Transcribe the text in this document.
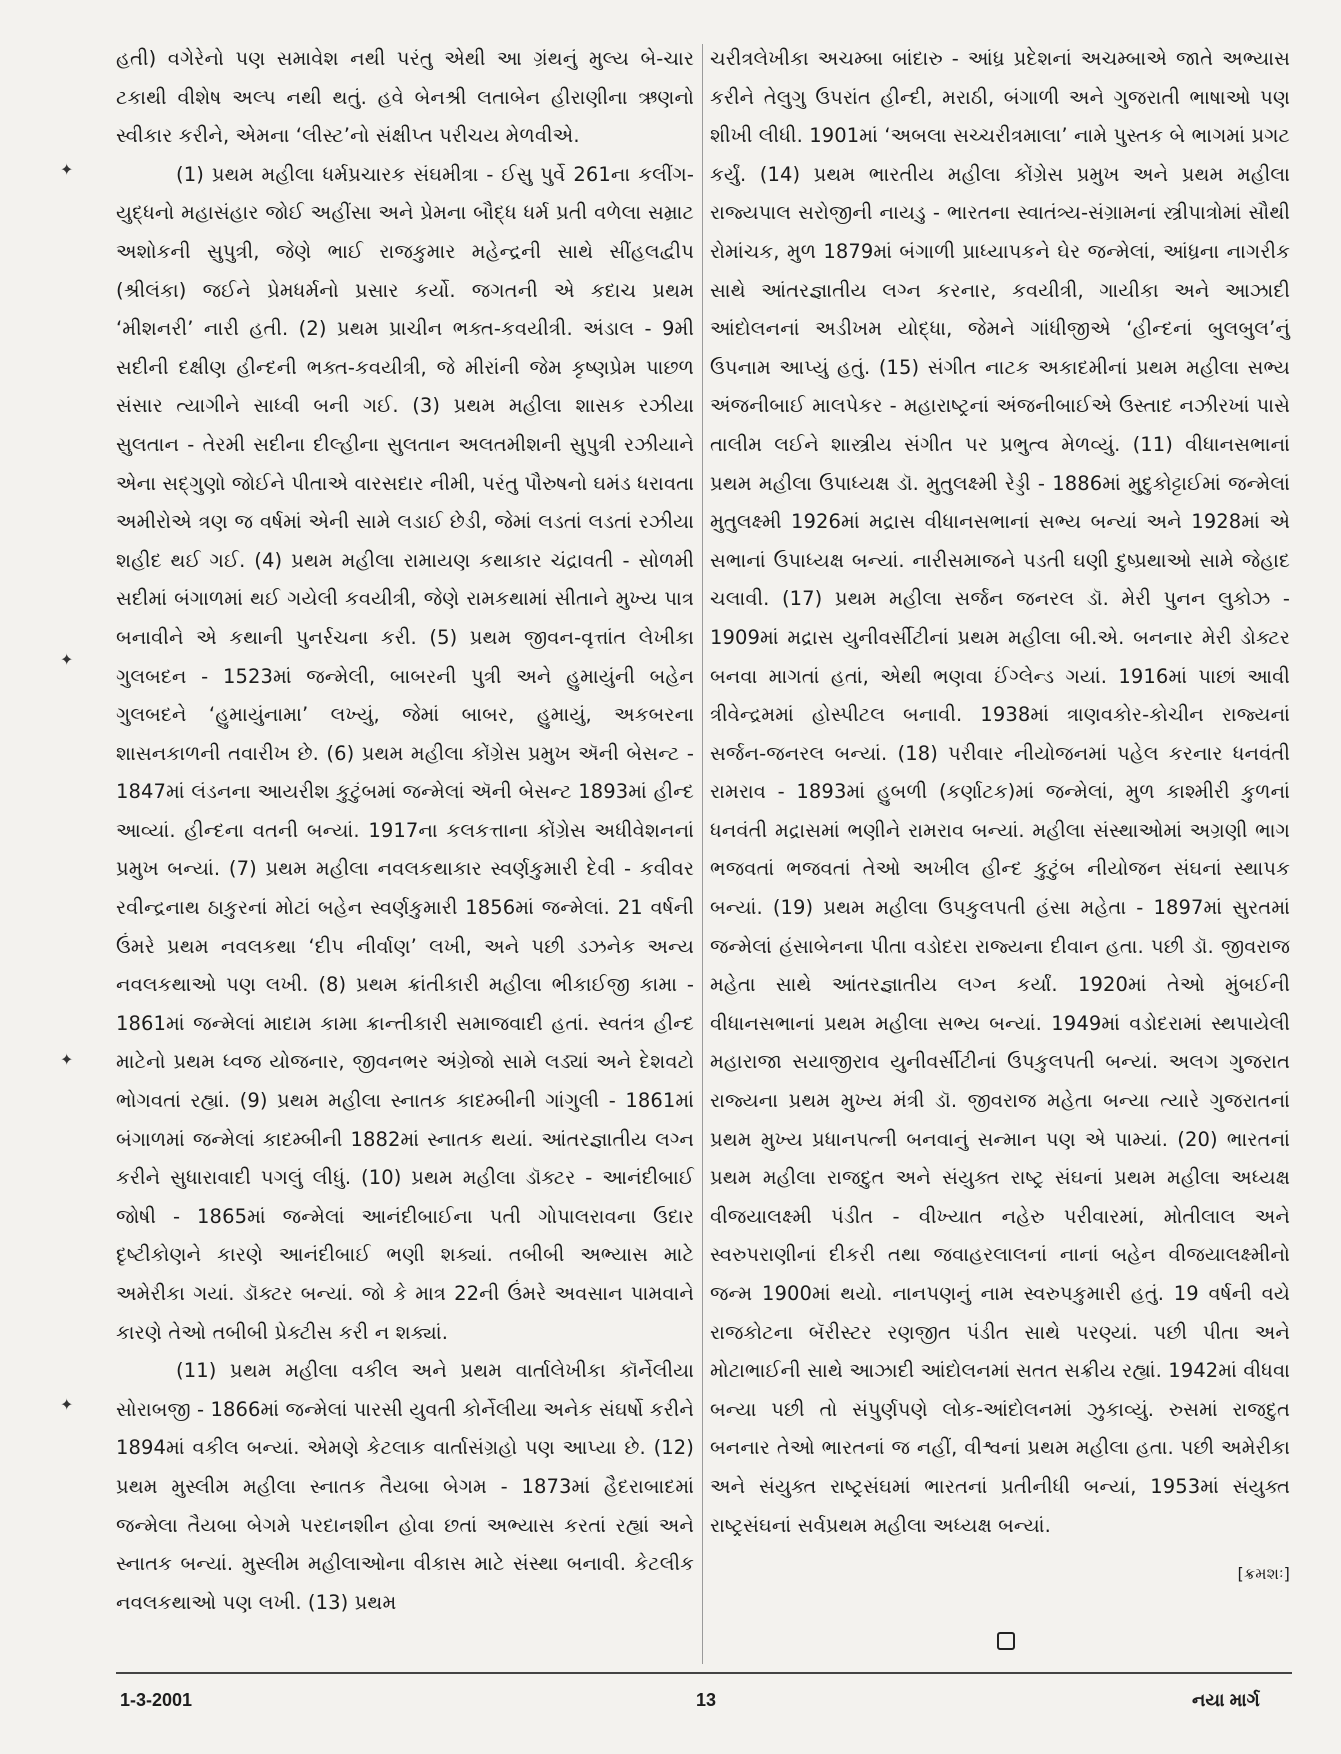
✦
✦
✦
✦

હતી) વગેરેનો પણ સમાવેશ નથી પરંતુ એથી આ ગ્રંથનું મુલ્ય બે-ચાર ટકાથી વીશેષ અલ્પ નથી થતું. હવે બેનશ્રી લતાબેન હીરાણીના ઋણનો સ્વીકાર કરીને, એમના ‘લીસ્ટ’નો સંક્ષીપ્ત પરીચય મેળવીએ.

(1) પ્રથમ મહીલા ધર્મપ્રચારક સંઘમીત્રા - ઈસુ પુર્વે 261ના કલીંગ-યુદ્ધનો મહાસંહાર જોઈ અહીંસા અને પ્રેમના બૌદ્ધ ધર્મ પ્રતી વળેલા સમ્રાટ અશોકની સુપુત્રી, જેણે ભાઈ રાજકુમાર મહેન્દ્રની સાથે સીંહલદ્વીપ (શ્રીલંકા) જઈને પ્રેમધર્મનો પ્રસાર કર્યો. જગતની એ કદાચ પ્રથમ ‘મીશનરી’ નારી હતી. (2) પ્રથમ પ્રાચીન ભક્ત-કવયીત્રી. અંડાલ - 9મી સદીની દક્ષીણ હીન્દની ભક્ત-કવયીત્રી, જે મીરાંની જેમ કૃષ્ણપ્રેમ પાછળ સંસાર ત્યાગીને સાધ્વી બની ગઈ. (3) પ્રથમ મહીલા શાસક રઝીયા સુલતાન - તેરમી સદીના દીલ્હીના સુલતાન અલતમીશની સુપુત્રી રઝીયાને એના સદ્‌ગુણો જોઈને પીતાએ વારસદાર નીમી, પરંતુ પૌરુષનો ઘમંડ ધરાવતા અમીરોએ ત્રણ જ વર્ષમાં એની સામે લડાઈ છેડી, જેમાં લડતાં લડતાં રઝીયા શહીદ થઈ ગઈ. (4) પ્રથમ મહીલા રામાયણ કથાકાર ચંદ્રાવતી - સોળમી સદીમાં બંગાળમાં થઈ ગયેલી કવયીત્રી, જેણે રામકથામાં સીતાને મુખ્ય પાત્ર બનાવીને એ કથાની પુનર્રચના કરી. (5) પ્રથમ જીવન-વૃત્તાંત લેખીકા ગુલબદન - 1523માં જન્મેલી, બાબરની પુત્રી અને હુમાયુંની બહેન ગુલબદને ‘હુમાયુંનામા’ લખ્યું, જેમાં બાબર, હુમાયું, અકબરના શાસનકાળની તવારીખ છે. (6) પ્રથમ મહીલા કોંગ્રેસ પ્રમુખ ઍની બેસન્ટ - 1847માં લંડનના આયરીશ કુટુંબમાં જન્મેલાં ઍની બેસન્ટ 1893માં હીન્દ આવ્યાં. હીન્દના વતની બન્યાં. 1917ના કલકત્તાના કોંગ્રેસ અધીવેશનનાં પ્રમુખ બન્યાં. (7) પ્રથમ મહીલા નવલકથાકાર સ્વર્ણકુમારી દેવી - કવીવર રવીન્દ્રનાથ ઠાકુરનાં મોટાં બહેન સ્વર્ણકુમારી 1856માં જન્મેલાં. 21 વર્ષની ઉંમરે પ્રથમ નવલકથા ‘દીપ નીર્વાણ’ લખી, અને પછી ડઝનેક અન્ય નવલકથાઓ પણ લખી. (8) પ્રથમ ક્રાંતીકારી મહીલા ભીકાઈજી કામા - 1861માં જન્મેલાં માદામ કામા ક્રાન્તીકારી સમાજવાદી હતાં. સ્વતંત્ર હીન્દ માટેનો પ્રથમ ધ્વજ યોજનાર, જીવનભર અંગ્રેજો સામે લડ્યાં અને દેશવટો ભોગવતાં રહ્યાં. (9) પ્રથમ મહીલા સ્નાતક કાદમ્બીની ગાંગુલી - 1861માં બંગાળમાં જન્મેલાં કાદમ્બીની 1882માં સ્નાતક થયાં. આંતરજ્ઞાતીય લગ્ન કરીને સુધારાવાદી પગલું લીધું. (10) પ્રથમ મહીલા ડૉક્ટર - આનંદીબાઈ જોષી - 1865માં જન્મેલાં આનંદીબાઈના પતી ગોપાલરાવના ઉદાર દૃષ્ટીકોણને કારણે આનંદીબાઈ ભણી શક્યાં. તબીબી અભ્યાસ માટે અમેરીકા ગયાં. ડૉક્ટર બન્યાં. જો કે માત્ર 22ની ઉંમરે અવસાન પામવાને કારણે તેઓ તબીબી પ્રેક્ટીસ કરી ન શક્યાં.

(11) પ્રથમ મહીલા વકીલ અને પ્રથમ વાર્તાલેખીકા કૉર્નેલીયા સોરાબજી - 1866માં જન્મેલાં પારસી યુવતી કોર્નેલીયા અનેક સંઘર્ષો કરીને 1894માં વકીલ બન્યાં. એમણે કેટલાક વાર્તાસંગ્રહો પણ આપ્યા છે. (12) પ્રથમ મુસ્લીમ મહીલા સ્નાતક તૈયબા બેગમ - 1873માં હૈદરાબાદમાં જન્મેલા તૈયબા બેગમે પરદાનશીન હોવા છતાં અભ્યાસ કરતાં રહ્યાં અને સ્નાતક બન્યાં. મુસ્લીમ મહીલાઓના વીકાસ માટે સંસ્થા બનાવી. કેટલીક નવલકથાઓ પણ લખી. (13) પ્રથમ

ચરીત્રલેખીકા અચમ્બા બાંદારુ - આંધ્ર પ્રદેશનાં અચમ્બાએ જાતે અભ્યાસ કરીને તેલુગુ ઉપરાંત હીન્દી, મરાઠી, બંગાળી અને ગુજરાતી ભાષાઓ પણ શીખી લીધી. 1901માં ‘અબલા સચ્ચરીત્રમાલા’ નામે પુસ્તક બે ભાગમાં પ્રગટ કર્યું. (14) પ્રથમ ભારતીય મહીલા કોંગ્રેસ પ્રમુખ અને પ્રથમ મહીલા રાજ્યપાલ સરોજીની નાયડુ - ભારતના સ્વાતંત્ર્ય-સંગ્રામનાં સ્ત્રીપાત્રોમાં સૌથી રોમાંચક, મુળ 1879માં બંગાળી પ્રાધ્યાપકને ઘેર જન્મેલાં, આંધ્રના નાગરીક સાથે આંતરજ્ઞાતીય લગ્ન કરનાર, કવયીત્રી, ગાયીકા અને આઝાદી આંદોલનનાં અડીખમ યોદ્ધા, જેમને ગાંધીજીએ ‘હીન્દનાં બુલબુલ’નું ઉપનામ આપ્યું હતું. (15) સંગીત નાટક અકાદમીનાં પ્રથમ મહીલા સભ્ય અંજનીબાઈ માલપેકર - મહારાષ્ટ્રનાં અંજનીબાઈએ ઉસ્તાદ નઝીરખાં પાસે તાલીમ લઈને શાસ્ત્રીય સંગીત પર પ્રભુત્વ મેળવ્યું. (11) વીધાનસભાનાં પ્રથમ મહીલા ઉપાધ્યક્ષ ડૉ. મુતુલક્ષ્મી રેડ્ડી - 1886માં મુદુકોટ્ટાઈમાં જન્મેલાં મુતુલક્ષ્મી 1926માં મદ્રાસ વીધાનસભાનાં સભ્ય બન્યાં અને 1928માં એ સભાનાં ઉપાધ્યક્ષ બન્યાં. નારીસમાજને પડતી ઘણી દુષ્પ્રથાઓ સામે જેહાદ ચલાવી. (17) પ્રથમ મહીલા સર્જન જનરલ ડૉ. મેરી પુનન લુકોઝ - 1909માં મદ્રાસ યુનીવર્સીટીનાં પ્રથમ મહીલા બી.એ. બનનાર મેરી ડોક્ટર બનવા માગતાં હતાં, એથી ભણવા ઈંગ્લેન્ડ ગયાં. 1916માં પાછાં આવી ત્રીવેન્દ્રમમાં હોસ્પીટલ બનાવી. 1938માં ત્રાણવકોર-કોચીન રાજ્યનાં સર્જન-જનરલ બન્યાં. (18) પરીવાર નીયોજનમાં પહેલ કરનાર ધનવંતી રામરાવ - 1893માં હુબળી (કર્ણાટક)માં જન્મેલાં, મુળ કાશ્મીરી કુળનાં ધનવંતી મદ્રાસમાં ભણીને રામરાવ બન્યાં. મહીલા સંસ્થાઓમાં અગ્રણી ભાગ ભજવતાં ભજવતાં તેઓ અખીલ હીન્દ કુટુંબ નીયોજન સંઘનાં સ્થાપક બન્યાં. (19) પ્રથમ મહીલા ઉપકુલપતી હંસા મહેતા - 1897માં સુરતમાં જન્મેલાં હંસાબેનના પીતા વડોદરા રાજ્યના દીવાન હતા. પછી ડૉ. જીવરાજ મહેતા સાથે આંતરજ્ઞાતીય લગ્ન કર્યાં. 1920માં તેઓ મુંબઈની વીધાનસભાનાં પ્રથમ મહીલા સભ્ય બન્યાં. 1949માં વડોદરામાં સ્થપાયેલી મહારાજા સયાજીરાવ યુનીવર્સીટીનાં ઉપકુલપતી બન્યાં. અલગ ગુજરાત રાજ્યના પ્રથમ મુખ્ય મંત્રી ડૉ. જીવરાજ મહેતા બન્યા ત્યારે ગુજરાતનાં પ્રથમ મુખ્ય પ્રધાનપત્ની બનવાનું સન્માન પણ એ પામ્યાં. (20) ભારતનાં પ્રથમ મહીલા રાજદુત અને સંયુક્ત રાષ્ટ્ર સંઘનાં પ્રથમ મહીલા અધ્યક્ષ વીજયાલક્ષ્મી પંડીત - વીખ્યાત નહેરુ પરીવારમાં, મોતીલાલ અને સ્વરુપરાણીનાં દીકરી તથા જવાહરલાલનાં નાનાં બહેન વીજયાલક્ષ્મીનો જન્મ 1900માં થયો. નાનપણનું નામ સ્વરુપકુમારી હતું. 19 વર્ષની વયે રાજકોટના બૅરીસ્ટર રણજીત પંડીત સાથે પરણ્યાં. પછી પીતા અને મોટાભાઈની સાથે આઝાદી આંદોલનમાં સતત સક્રીય રહ્યાં. 1942માં વીધવા બન્યા પછી તો સંપુર્ણપણે લોક-આંદોલનમાં ઝુકાવ્યું. રુસમાં રાજદુત બનનાર તેઓ ભારતનાં જ નહીં, વીશ્વનાં પ્રથમ મહીલા હતા. પછી અમેરીકા અને સંયુક્ત રાષ્ટ્રસંઘમાં ભારતનાં પ્રતીનીધી બન્યાં, 1953માં સંયુક્ત રાષ્ટ્રસંઘનાં સર્વપ્રથમ મહીલા અધ્યક્ષ બન્યાં.

[ક્રમશઃ]
1-3-2001	13	નયા માર્ગ
